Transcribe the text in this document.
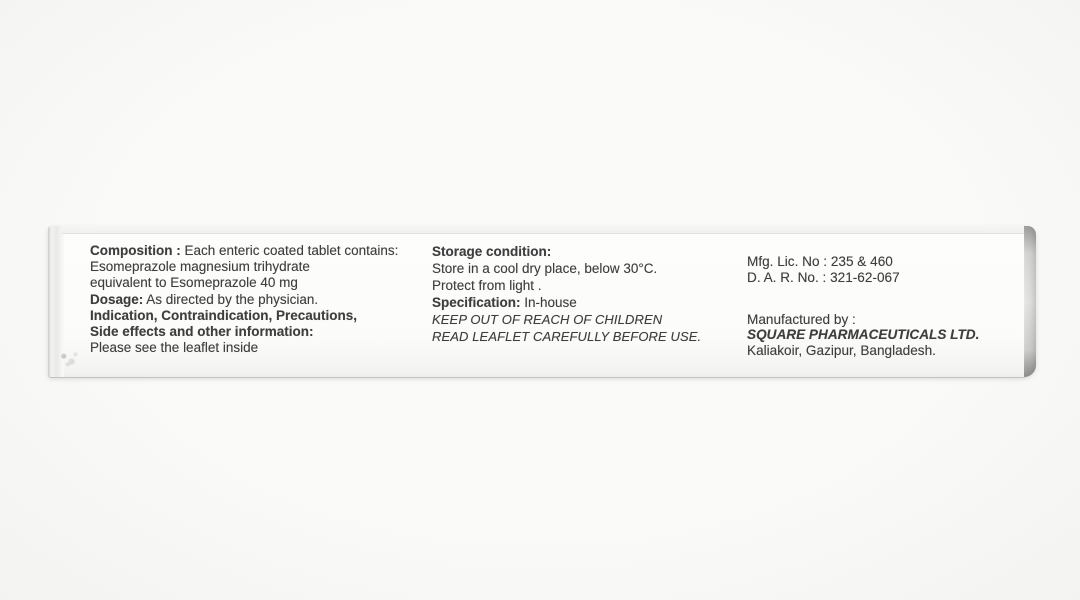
Composition : Each enteric coated tablet contains:
Esomeprazole magnesium trihydrate
equivalent to Esomeprazole 40 mg
Dosage: As directed by the physician.
Indication, Contraindication, Precautions,
Side effects and other information:
Please see the leaflet inside
Storage condition:
Store in a cool dry place, below 30°C.
Protect from light .
Specification: In-house
KEEP OUT OF REACH OF CHILDREN
READ LEAFLET CAREFULLY BEFORE USE.
Mfg. Lic. No : 235 & 460
D. A. R. No. : 321-62-067
Manufactured by :
SQUARE PHARMACEUTICALS LTD.
Kaliakoir, Gazipur, Bangladesh.
